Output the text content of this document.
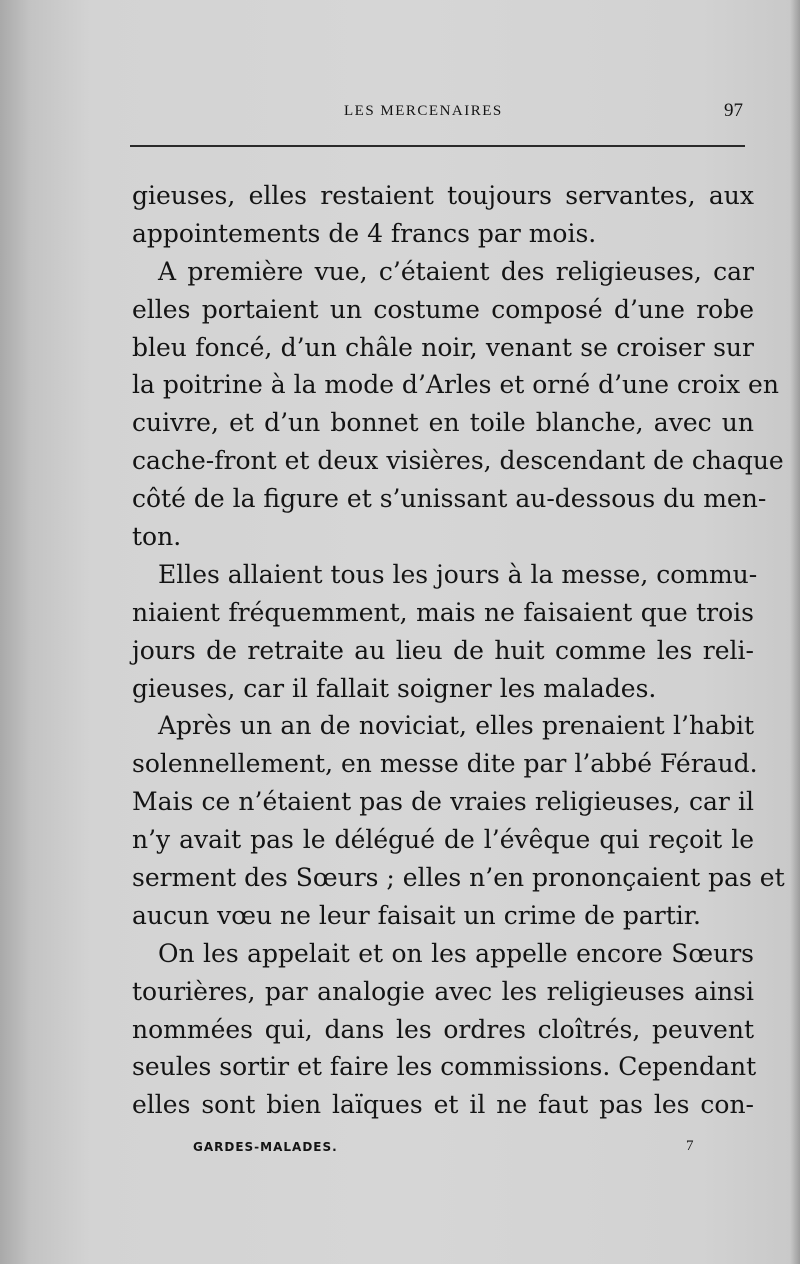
LES MERCENAIRES	97
gieuses, elles restaient toujours servantes, aux
appointements de 4 francs par mois.
A première vue, c’étaient des religieuses, car
elles portaient un costume composé d’une robe
bleu foncé, d’un châle noir, venant se croiser sur
la poitrine à la mode d’Arles et orné d’une croix en
cuivre, et d’un bonnet en toile blanche, avec un
cache-front et deux visières, descendant de chaque
côté de la figure et s’unissant au-dessous du men-
ton.
Elles allaient tous les jours à la messe, commu-
niaient fréquemment, mais ne faisaient que trois
jours de retraite au lieu de huit comme les reli-
gieuses, car il fallait soigner les malades.
Après un an de noviciat, elles prenaient l’habit
solennellement, en messe dite par l’abbé Féraud.
Mais ce n’étaient pas de vraies religieuses, car il
n’y avait pas le délégué de l’évêque qui reçoit le
serment des Sœurs ; elles n’en prononçaient pas et
aucun vœu ne leur faisait un crime de partir.
On les appelait et on les appelle encore Sœurs
tourières, par analogie avec les religieuses ainsi
nommées qui, dans les ordres cloîtrés, peuvent
seules sortir et faire les commissions. Cependant
elles sont bien laïques et il ne faut pas les con-
GARDES-MALADES.	7
